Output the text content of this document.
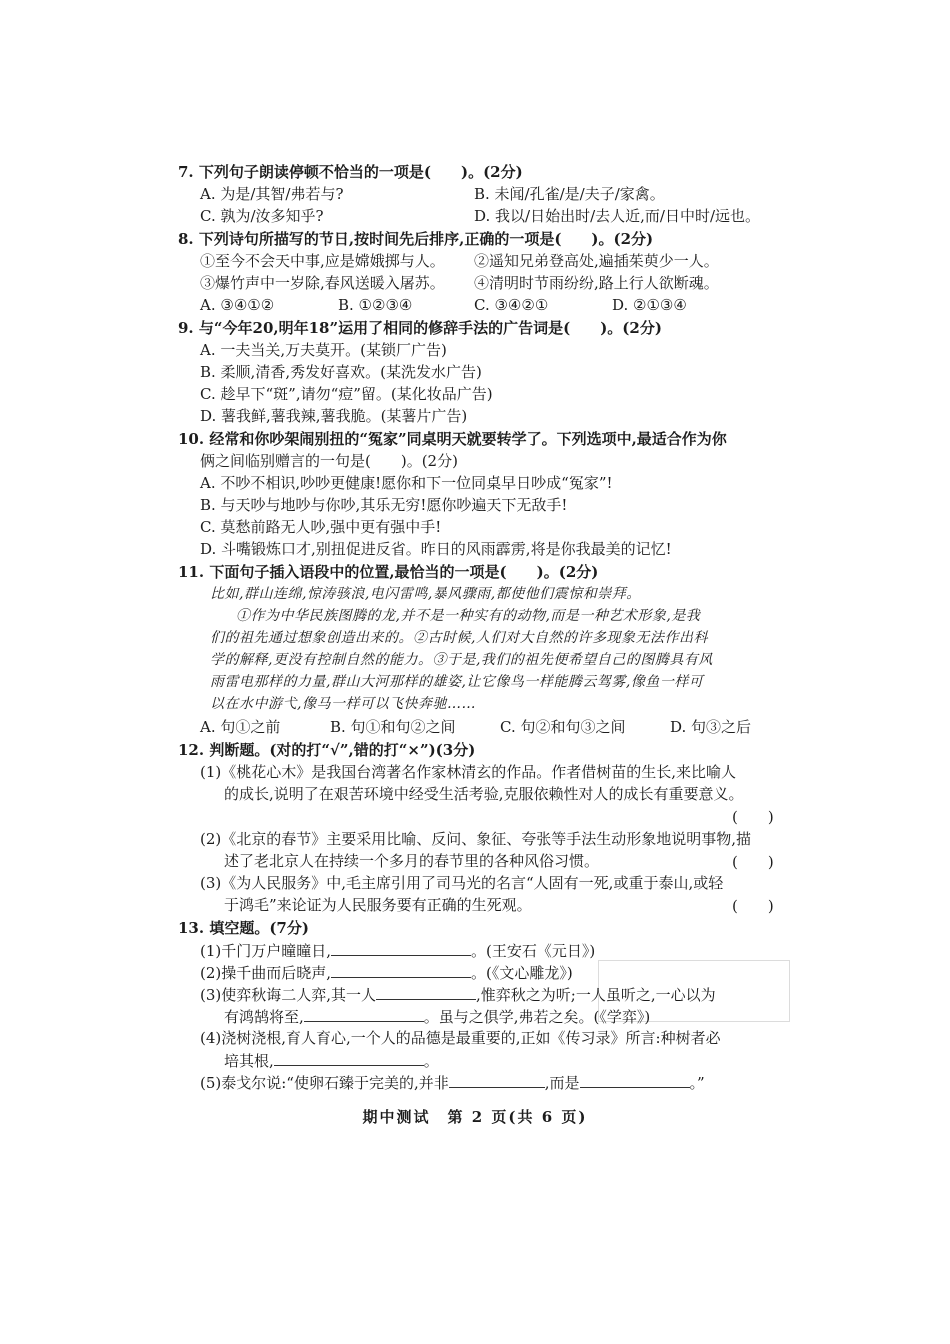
7. 下列句子朗读停顿不恰当的一项是(　　)。(2分)
A. 为是/其智/弗若与?	B. 未闻/孔雀/是/夫子/家禽。
C. 孰为/汝多知乎?	D. 我以/日始出时/去人近,而/日中时/远也。
8. 下列诗句所描写的节日,按时间先后排序,正确的一项是(　　)。(2分)
①至今不会天中事,应是嫦娥掷与人。 ②遥知兄弟登高处,遍插茱萸少一人。
③爆竹声中一岁除,春风送暖入屠苏。 ④清明时节雨纷纷,路上行人欲断魂。
A. ③④①②	B. ①②③④	C. ③④②①	D. ②①③④
9. 与“今年20,明年18”运用了相同的修辞手法的广告词是(　　)。(2分)
A. 一夫当关,万夫莫开。(某锁厂广告)
B. 柔顺,清香,秀发好喜欢。(某洗发水广告)
C. 趁早下“斑”,请勿“痘”留。(某化妆品广告)
D. 薯我鲜,薯我辣,薯我脆。(某薯片广告)
10. 经常和你吵架闹别扭的“冤家”同桌明天就要转学了。下列选项中,最适合作为你
俩之间临别赠言的一句是(　　)。(2分)
A. 不吵不相识,吵吵更健康!愿你和下一位同桌早日吵成“冤家”!
B. 与天吵与地吵与你吵,其乐无穷!愿你吵遍天下无敌手!
C. 莫愁前路无人吵,强中更有强中手!
D. 斗嘴锻炼口才,别扭促进反省。昨日的风雨霹雳,将是你我最美的记忆!
11. 下面句子插入语段中的位置,最恰当的一项是(　　)。(2分)
比如,群山连绵,惊涛骇浪,电闪雷鸣,暴风骤雨,都使他们震惊和崇拜。
①作为中华民族图腾的龙,并不是一种实有的动物,而是一种艺术形象,是我
们的祖先通过想象创造出来的。②古时候,人们对大自然的许多现象无法作出科
学的解释,更没有控制自然的能力。③于是,我们的祖先便希望自己的图腾具有风
雨雷电那样的力量,群山大河那样的雄姿,让它像鸟一样能腾云驾雾,像鱼一样可
以在水中游弋,像马一样可以飞快奔驰……
A. 句①之前	B. 句①和句②之间	C. 句②和句③之间	D. 句③之后
12. 判断题。(对的打“√”,错的打“×”)(3分)
(1)《桃花心木》是我国台湾著名作家林清玄的作品。作者借树苗的生长,来比喻人
的成长,说明了在艰苦环境中经受生活考验,克服依赖性对人的成长有重要意义。
(　　)
(2)《北京的春节》主要采用比喻、反问、象征、夸张等手法生动形象地说明事物,描
述了老北京人在持续一个多月的春节里的各种风俗习惯。	(　　)
(3)《为人民服务》中,毛主席引用了司马光的名言“人固有一死,或重于泰山,或轻
于鸿毛”来论证为人民服务要有正确的生死观。	(　　)
13. 填空题。(7分)
(1)千门万户曈曈日,	。(王安石《元日》)
(2)操千曲而后晓声,	。(《文心雕龙》)
(3)使弈秋诲二人弈,其一人	,惟弈秋之为听;一人虽听之,一心以为
有鸿鹄将至,	。虽与之俱学,弗若之矣。(《学弈》)
(4)浇树浇根,育人育心,一个人的品德是最重要的,正如《传习录》所言:种树者必
培其根,	。
(5)泰戈尔说:“使卵石臻于完美的,并非	,而是	。”
期中测试　第 2 页(共 6 页)
